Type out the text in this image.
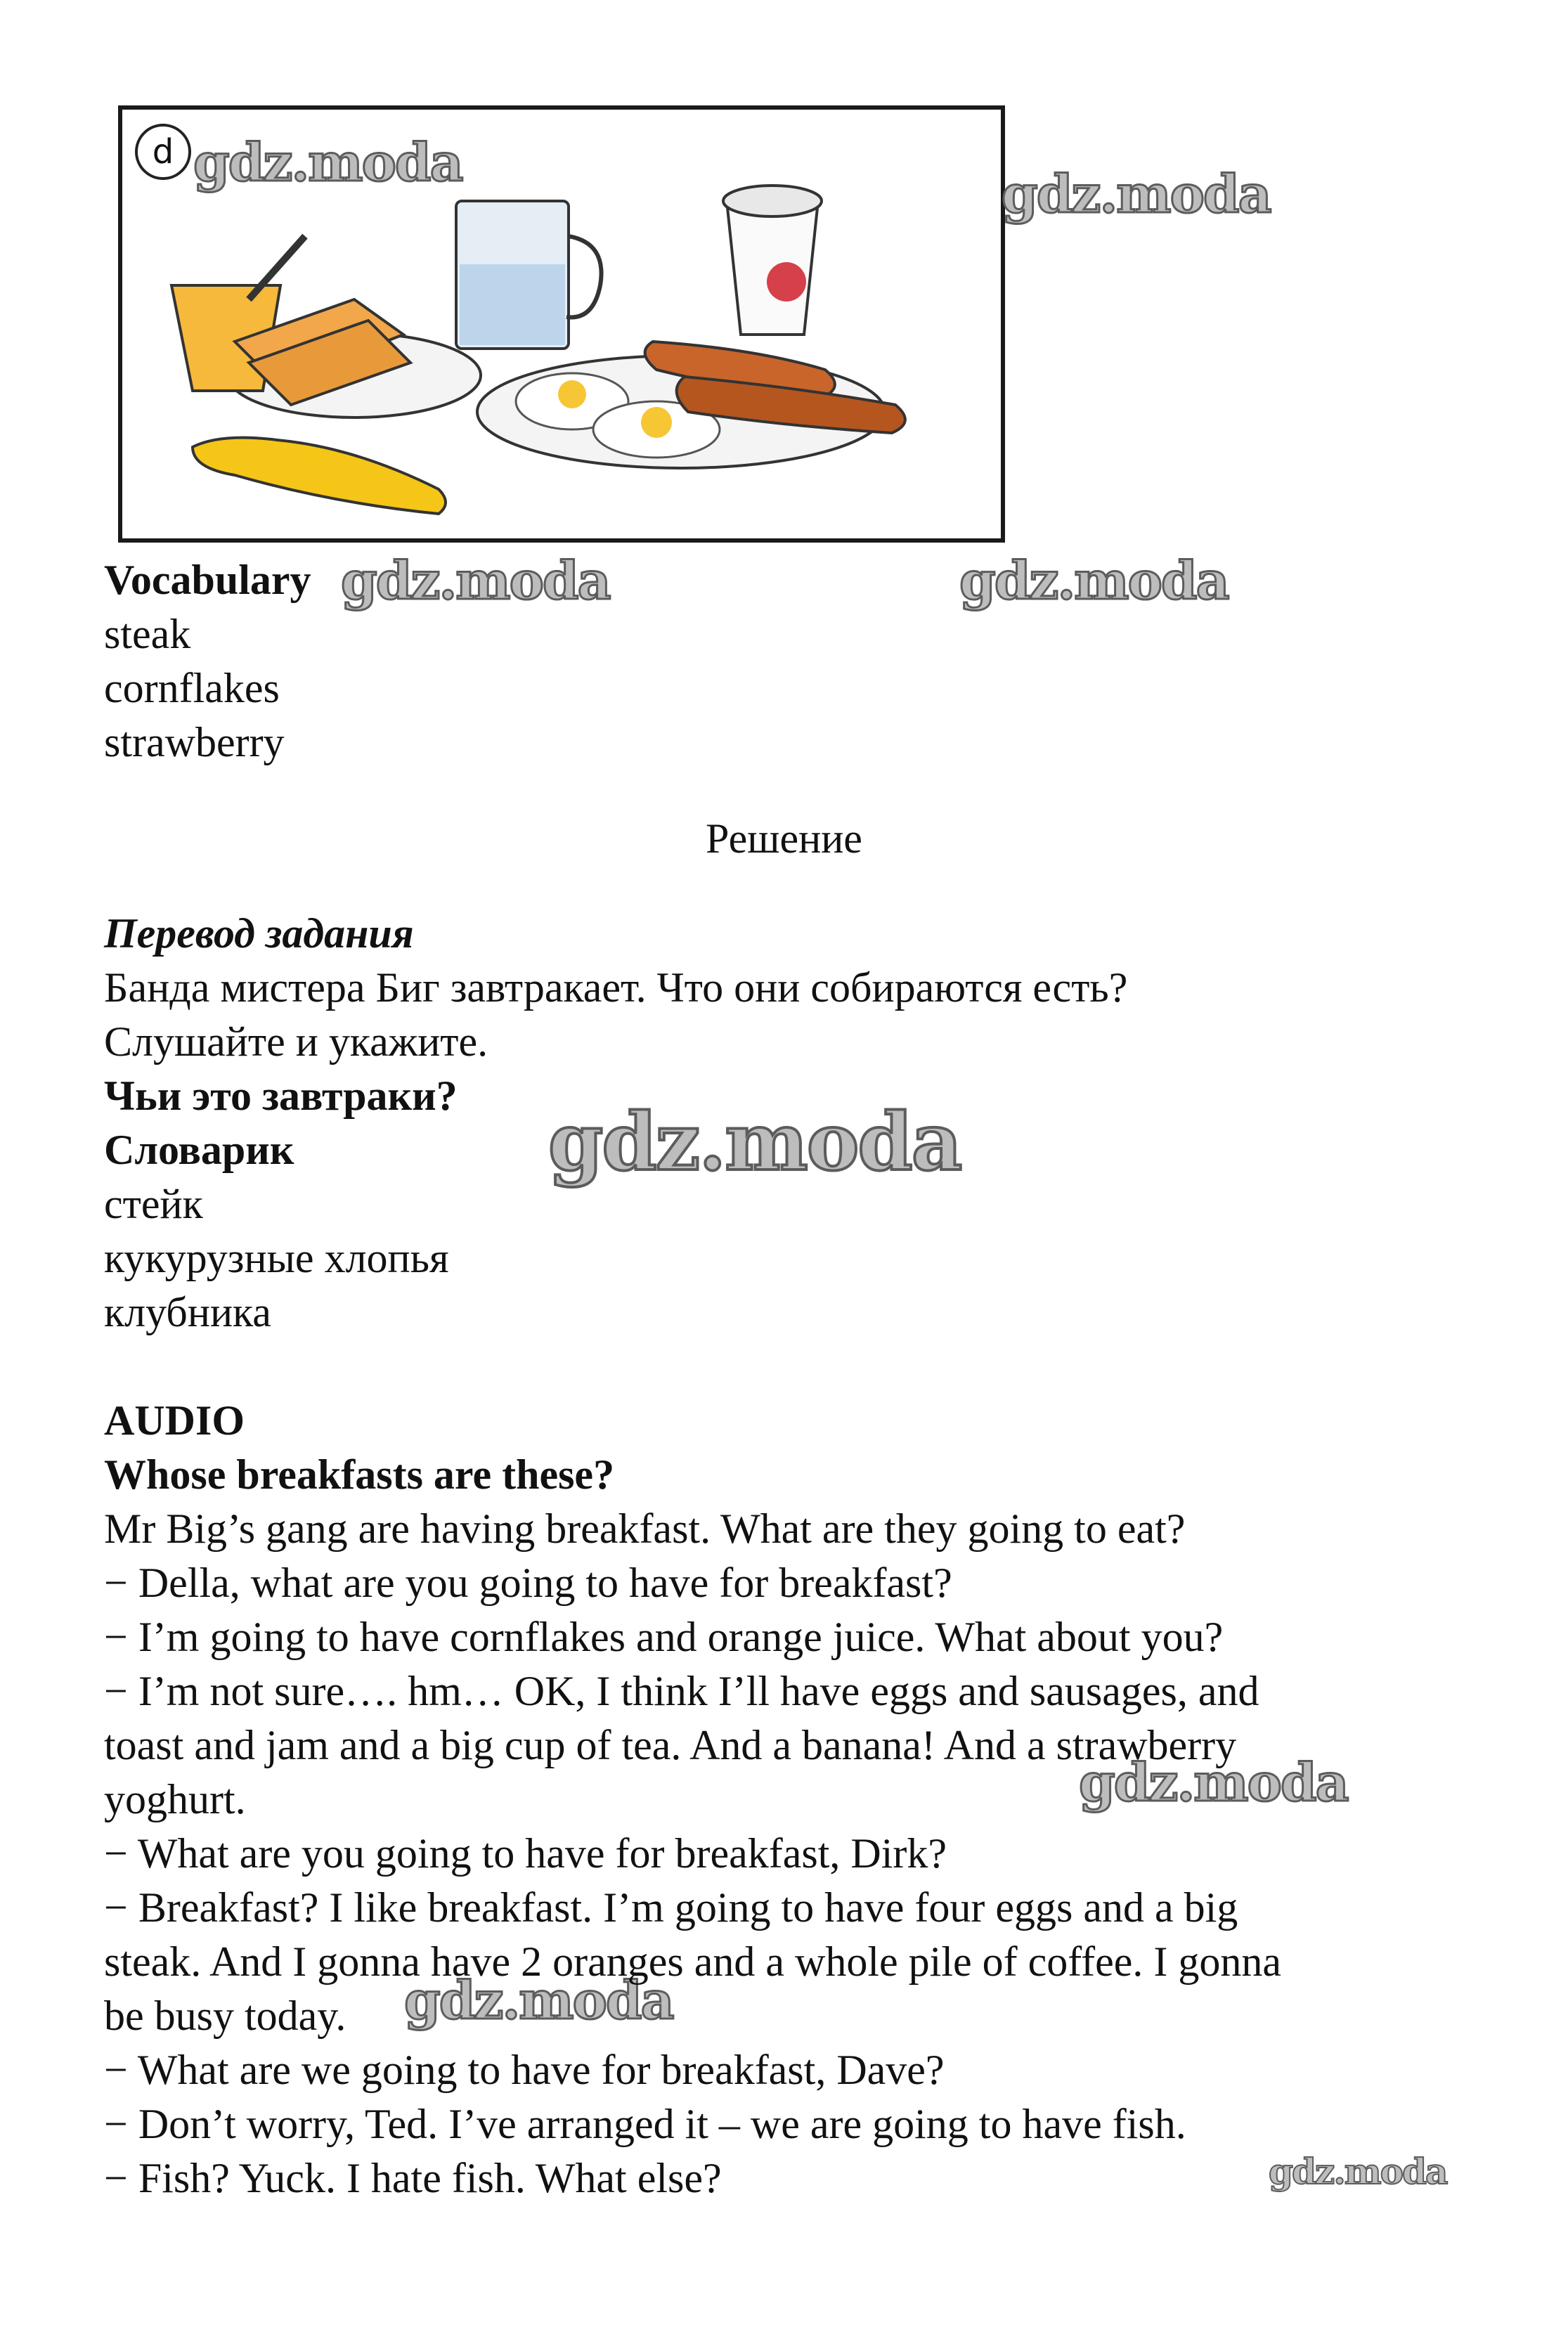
d gdz.moda
gdz.moda
gdz.moda	gdz.moda
gdz.moda
gdz.moda
gdz.moda
gdz.moda
Vocabulary
steak
cornflakes
strawberry
Решение
Перевод задания
Банда мистера Биг завтракает. Что они собираются есть?
Слушайте и укажите.
Чьи это завтраки?
Словарик
стейк
кукурузные хлопья
клубника
AUDIO
Whose breakfasts are these?
Mr Big’s gang are having breakfast. What are they going to eat?
− Della, what are you going to have for breakfast?
− I’m going to have cornflakes and orange juice. What about you?
− I’m not sure…. hm… OK, I think I’ll have eggs and sausages, and
toast and jam and a big cup of tea. And a banana! And a strawberry
yoghurt.
− What are you going to have for breakfast, Dirk?
− Breakfast? I like breakfast. I’m going to have four eggs and a big
steak. And I gonna have 2 oranges and a whole pile of coffee. I gonna
be busy today.
− What are we going to have for breakfast, Dave?
− Don’t worry, Ted. I’ve arranged it – we are going to have fish.
− Fish? Yuck. I hate fish. What else?
